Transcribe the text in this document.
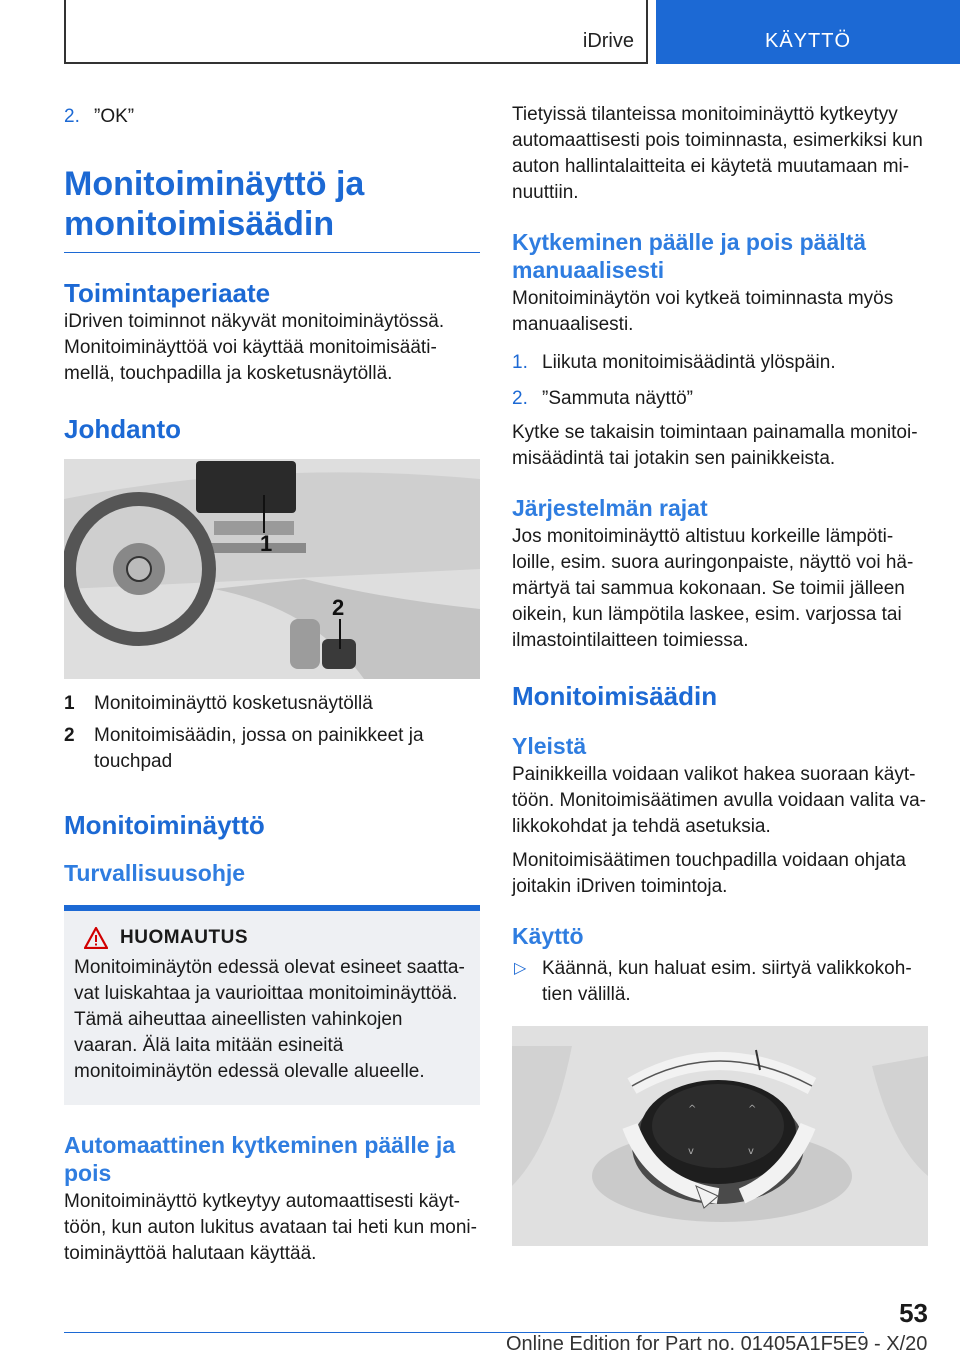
iDrive	KÄYTTÖ
2. ”OK”
Monitoiminäyttö ja monitoimisäädin
Toimintaperiaate

iDriven toiminnot näkyvät monitoiminäytössä. Monitoiminäyttöä voi käyttää monitoimisäätimellä, touchpadilla ja kosketusnäytöllä.

Johdanto
1
2
1 Monitoiminäyttö kosketusnäytöllä
2 Monitoimisäädin, jossa on painikkeet ja touchpad
Monitoiminäyttö
Turvallisuusohje
HUOMAUTUS

Monitoiminäytön edessä olevat esineet saattavat luiskahtaa ja vaurioittaa monitoiminäyttöä. Tämä aiheuttaa aineellisten vahinkojen vaaran. Älä laita mitään esineitä monitoiminäytön edessä olevalle alueelle.

Automaattinen kytkeminen päälle ja pois

Monitoiminäyttö kytkeytyy automaattisesti käyttöön, kun auton lukitus avataan tai heti kun monitoiminäyttöä halutaan käyttää.

Tietyissä tilanteissa monitoiminäyttö kytkeytyy automaattisesti pois toiminnasta, esimerkiksi kun auton hallintalaitteita ei käytetä muutamaan minuuttiin.

Kytkeminen päälle ja pois päältä manuaalisesti

Monitoiminäytön voi kytkeä toiminnasta myös manuaalisesti.

1. Liikuta monitoimisäädintä ylöspäin.
2. ”Sammuta näyttö”

Kytke se takaisin toimintaan painamalla monitoimisäädintä tai jotakin sen painikkeista.

Järjestelmän rajat

Jos monitoiminäyttö altistuu korkeille lämpötiloille, esim. suora auringonpaiste, näyttö voi hämärtyä tai sammua kokonaan. Se toimii jälleen oikein, kun lämpötila laskee, esim. varjossa tai ilmastointilaitteen toimiessa.

Monitoimisäädin
Yleistä

Painikkeilla voidaan valikot hakea suoraan käyttöön. Monitoimisäätimen avulla voidaan valita valikkokohdat ja tehdä asetuksia.

Monitoimisäätimen touchpadilla voidaan ohjata joitakin iDriven toimintoja.

Käyttö
▷ Käännä, kun haluat esim. siirtyä valikkokohtien välillä.
^	^
v	v
53
Online Edition for Part no. 01405A1F5E9 - X/20
